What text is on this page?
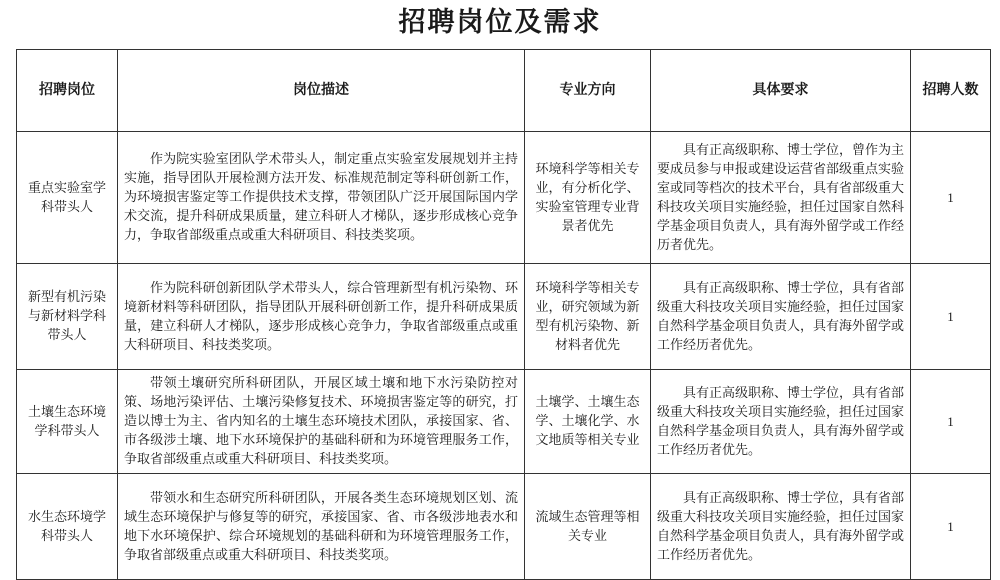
招聘岗位及需求
招聘岗位	岗位描述	专业方向	具体要求	招聘人数
重点实验室学科带头人	作为院实验室团队学术带头人，制定重点实验室发展规划并主持实施，指导团队开展检测方法开发、标准规范制定等科研创新工作，为环境损害鉴定等工作提供技术支撑，带领团队广泛开展国际国内学术交流，提升科研成果质量，建立科研人才梯队，逐步形成核心竞争力，争取省部级重点或重大科研项目、科技类奖项。	环境科学等相关专业，有分析化学、实验室管理专业背景者优先	具有正高级职称、博士学位，曾作为主要成员参与申报或建设运营省部级重点实验室或同等档次的技术平台，具有省部级重大科技攻关项目实施经验，担任过国家自然科学基金项目负责人，具有海外留学或工作经历者优先。	1
新型有机污染与新材料学科带头人	作为院科研创新团队学术带头人，综合管理新型有机污染物、环境新材料等科研团队，指导团队开展科研创新工作，提升科研成果质量，建立科研人才梯队，逐步形成核心竞争力，争取省部级重点或重大科研项目、科技类奖项。	环境科学等相关专业，研究领域为新型有机污染物、新材料者优先	具有正高级职称、博士学位，具有省部级重大科技攻关项目实施经验，担任过国家自然科学基金项目负责人，具有海外留学或工作经历者优先。	1
土壤生态环境学科带头人	带领土壤研究所科研团队，开展区域土壤和地下水污染防控对策、场地污染评估、土壤污染修复技术、环境损害鉴定等的研究，打造以博士为主、省内知名的土壤生态环境技术团队，承接国家、省、市各级涉土壤、地下水环境保护的基础科研和为环境管理服务工作，争取省部级重点或重大科研项目、科技类奖项。	土壤学、土壤生态学、土壤化学、水文地质等相关专业	具有正高级职称、博士学位，具有省部级重大科技攻关项目实施经验，担任过国家自然科学基金项目负责人，具有海外留学或工作经历者优先。	1
水生态环境学科带头人	带领水和生态研究所科研团队，开展各类生态环境规划区划、流域生态环境保护与修复等的研究，承接国家、省、市各级涉地表水和地下水环境保护、综合环境规划的基础科研和为环境管理服务工作，争取省部级重点或重大科研项目、科技类奖项。	流域生态管理等相关专业	具有正高级职称、博士学位，具有省部级重大科技攻关项目实施经验，担任过国家自然科学基金项目负责人，具有海外留学或工作经历者优先。	1
